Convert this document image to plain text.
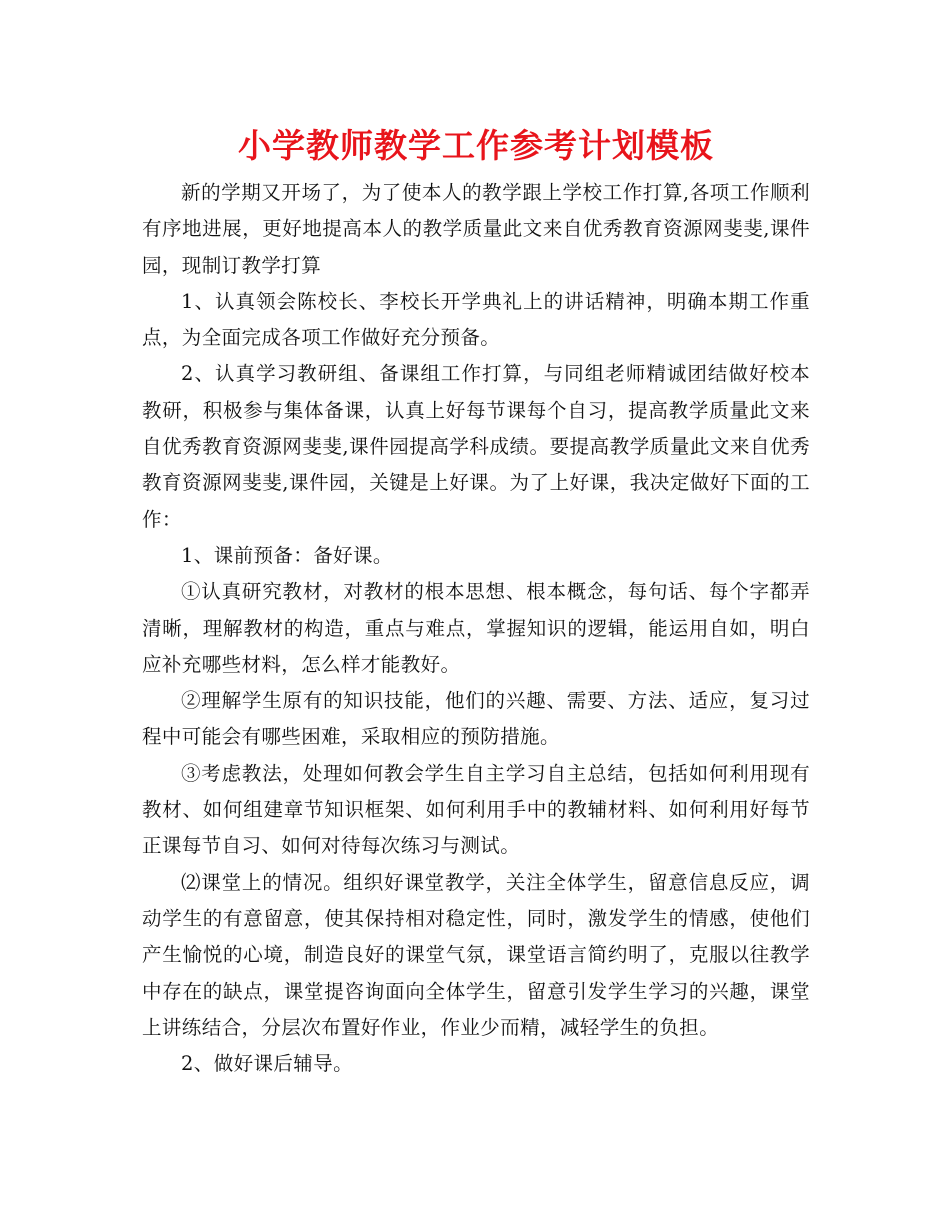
小学教师教学工作参考计划模板

新的学期又开场了，为了使本人的教学跟上学校工作打算,各项工作顺利有序地进展，更好地提高本人的教学质量此文来自优秀教育资源网斐斐,课件园，现制订教学打算

1、认真领会陈校长、李校长开学典礼上的讲话精神，明确本期工作重点，为全面完成各项工作做好充分预备。

2、认真学习教研组、备课组工作打算，与同组老师精诚团结做好校本教研，积极参与集体备课，认真上好每节课每个自习，提高教学质量此文来自优秀教育资源网斐斐,课件园提高学科成绩。要提高教学质量此文来自优秀教育资源网斐斐,课件园，关键是上好课。为了上好课，我决定做好下面的工作：

1、课前预备：备好课。

①认真研究教材，对教材的根本思想、根本概念，每句话、每个字都弄清晰，理解教材的构造，重点与难点，掌握知识的逻辑，能运用自如，明白应补充哪些材料，怎么样才能教好。

②理解学生原有的知识技能，他们的兴趣、需要、方法、适应，复习过程中可能会有哪些困难，采取相应的预防措施。

③考虑教法，处理如何教会学生自主学习自主总结，包括如何利用现有教材、如何组建章节知识框架、如何利用手中的教辅材料、如何利用好每节正课每节自习、如何对待每次练习与测试。

⑵课堂上的情况。组织好课堂教学，关注全体学生，留意信息反应，调动学生的有意留意，使其保持相对稳定性，同时，激发学生的情感，使他们产生愉悦的心境，制造良好的课堂气氛，课堂语言简约明了，克服以往教学中存在的缺点，课堂提咨询面向全体学生，留意引发学生学习的兴趣，课堂上讲练结合，分层次布置好作业，作业少而精，减轻学生的负担。

2、做好课后辅导。
